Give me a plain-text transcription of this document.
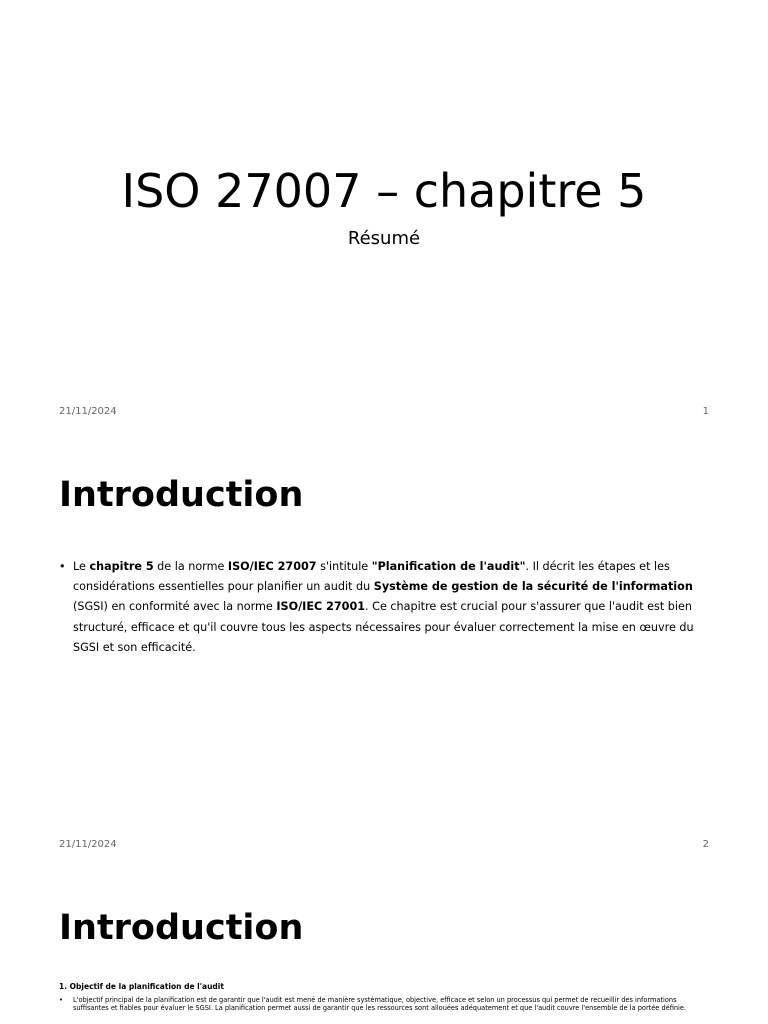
ISO 27007 – chapitre 5

Résumé

21/11/2024	1
Introduction
• Le chapitre 5 de la norme ISO/IEC 27007 s'intitule "Planification de l'audit". Il décrit les étapes et les considérations essentielles pour planifier un audit du Système de gestion de la sécurité de l'information (SGSI) en conformité avec la norme ISO/IEC 27001. Ce chapitre est crucial pour s'assurer que l'audit est bien structuré, efficace et qu'il couvre tous les aspects nécessaires pour évaluer correctement la mise en œuvre du SGSI et son efficacité.
21/11/2024	2
Introduction

1. Objectif de la planification de l'audit

• L'objectif principal de la planification est de garantir que l'audit est mené de manière systématique, objective, efficace et selon un processus qui permet de recueillir des informations suffisantes et fiables pour évaluer le SGSI. La planification permet aussi de garantir que les ressources sont allouées adéquatement et que l'audit couvre l'ensemble de la portée définie.
